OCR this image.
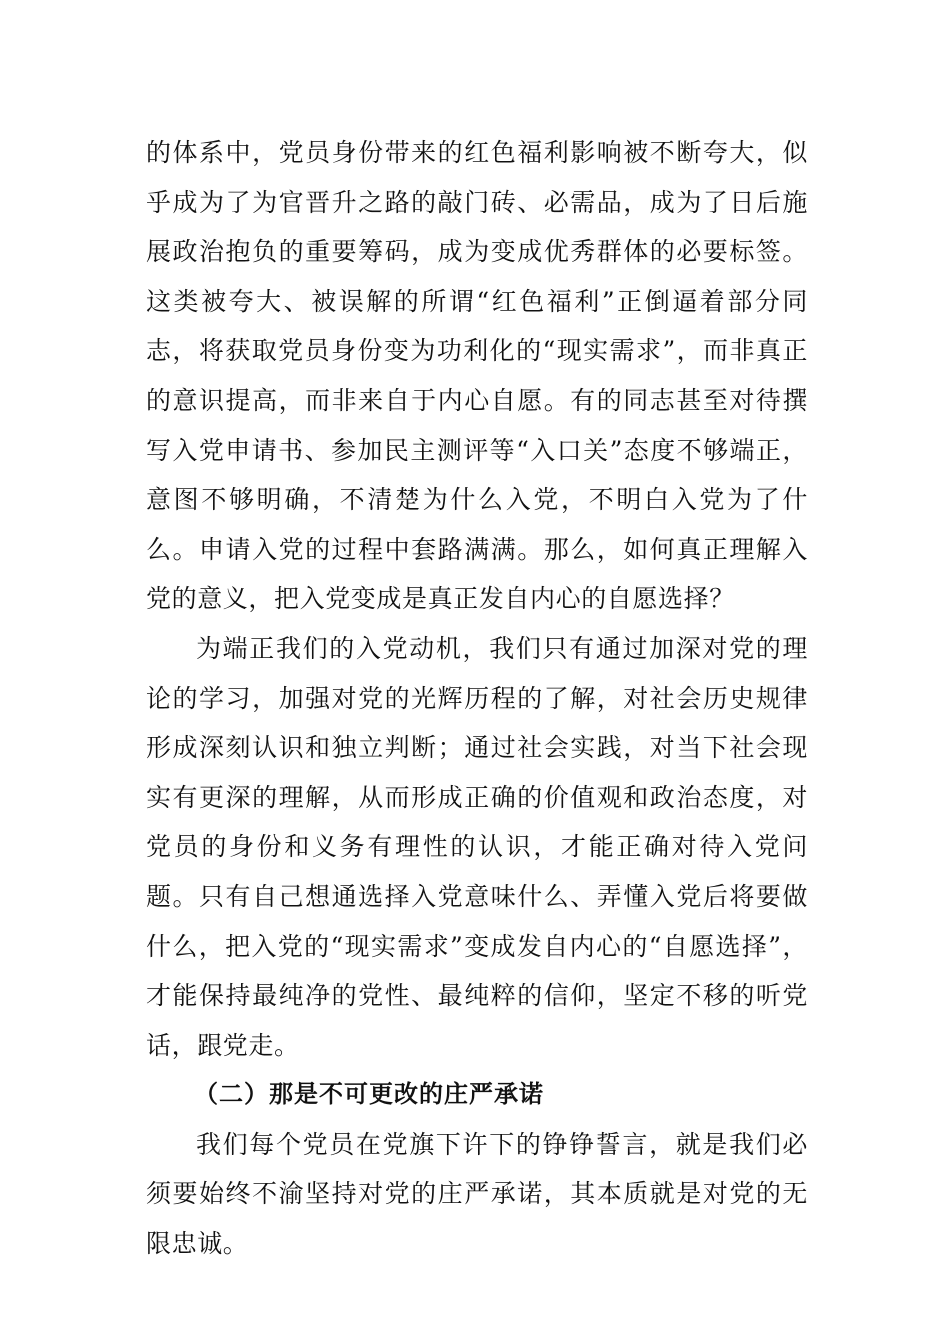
的体系中，党员身份带来的红色福利影响被不断夸大，似乎成为了为官晋升之路的敲门砖、必需品，成为了日后施展政治抱负的重要筹码，成为变成优秀群体的必要标签。这类被夸大、被误解的所谓“红色福利”正倒逼着部分同志，将获取党员身份变为功利化的“现实需求”，而非真正的意识提高，而非来自于内心自愿。有的同志甚至对待撰写入党申请书、参加民主测评等“入口关”态度不够端正，意图不够明确，不清楚为什么入党，不明白入党为了什么。申请入党的过程中套路满满。那么，如何真正理解入党的意义，把入党变成是真正发自内心的自愿选择？

为端正我们的入党动机，我们只有通过加深对党的理论的学习，加强对党的光辉历程的了解，对社会历史规律形成深刻认识和独立判断；通过社会实践，对当下社会现实有更深的理解，从而形成正确的价值观和政治态度，对党员的身份和义务有理性的认识，才能正确对待入党问题。只有自己想通选择入党意味什么、弄懂入党后将要做什么，把入党的“现实需求”变成发自内心的“自愿选择”，才能保持最纯净的党性、最纯粹的信仰，坚定不移的听党话，跟党走。

（二）那是不可更改的庄严承诺

我们每个党员在党旗下许下的铮铮誓言，就是我们必须要始终不渝坚持对党的庄严承诺，其本质就是对党的无限忠诚。
